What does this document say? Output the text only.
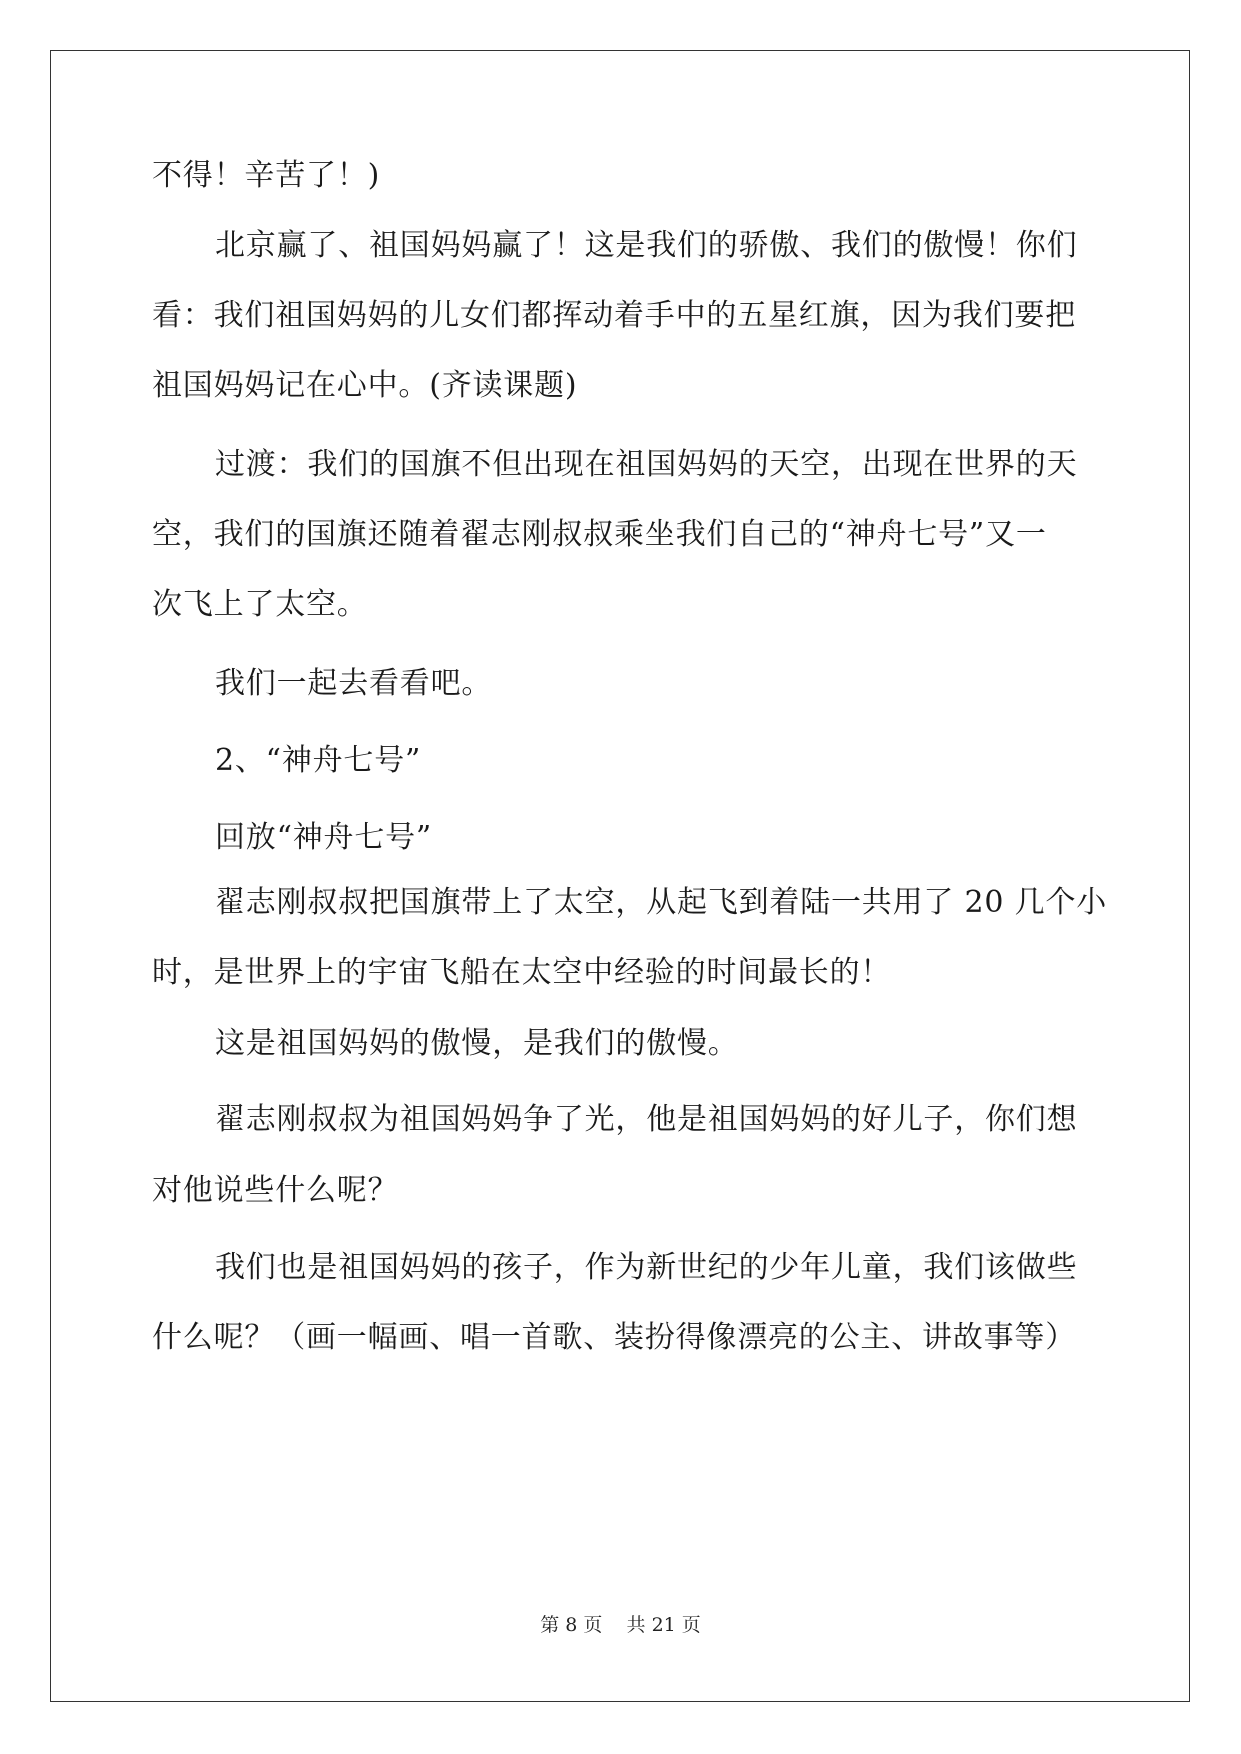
不得！辛苦了！)
北京赢了、祖国妈妈赢了！这是我们的骄傲、我们的傲慢！你们
看：我们祖国妈妈的儿女们都挥动着手中的五星红旗，因为我们要把
祖国妈妈记在心中。(齐读课题)
过渡：我们的国旗不但出现在祖国妈妈的天空，出现在世界的天
空，我们的国旗还随着翟志刚叔叔乘坐我们自己的“神舟七号”又一
次飞上了太空。
我们一起去看看吧。
2、“神舟七号”
回放“神舟七号”
翟志刚叔叔把国旗带上了太空，从起飞到着陆一共用了 20 几个小
时，是世界上的宇宙飞船在太空中经验的时间最长的！
这是祖国妈妈的傲慢，是我们的傲慢。
翟志刚叔叔为祖国妈妈争了光，他是祖国妈妈的好儿子，你们想
对他说些什么呢？
我们也是祖国妈妈的孩子，作为新世纪的少年儿童，我们该做些
什么呢？（画一幅画、唱一首歌、装扮得像漂亮的公主、讲故事等）
第 8 页    共 21 页
